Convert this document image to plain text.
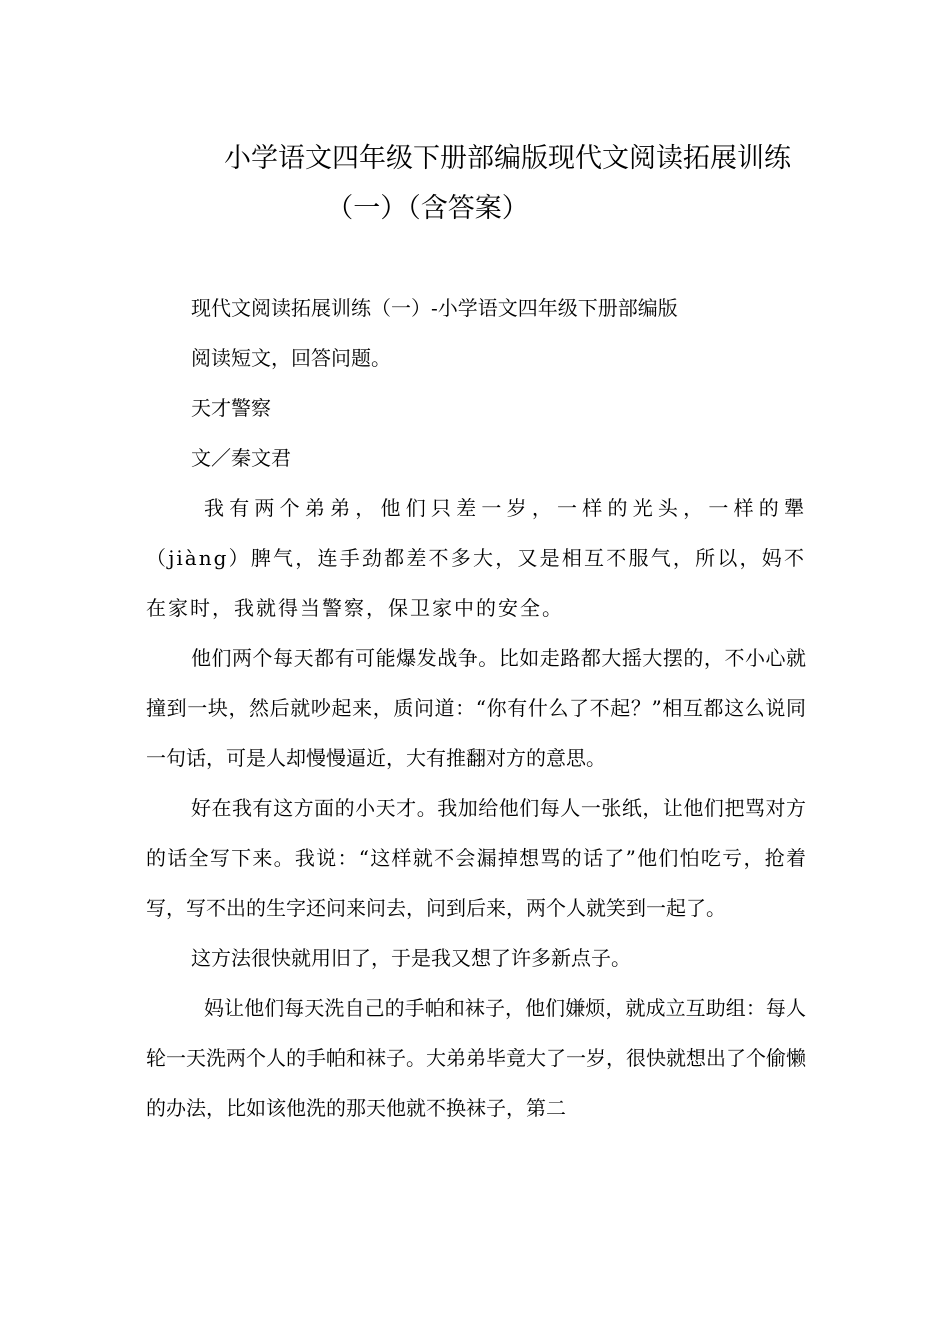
小学语文四年级下册部编版现代文阅读拓展训练
（一）（含答案）

现代文阅读拓展训练（一）-小学语文四年级下册部编版

阅读短文，回答问题。

天才警察

文／秦文君

我有两个弟弟，他们只差一岁，一样的光头，一样的犟（jiàng）脾气，连手劲都差不多大，又是相互不服气，所以，妈不在家时，我就得当警察，保卫家中的安全。

他们两个每天都有可能爆发战争。比如走路都大摇大摆的，不小心就撞到一块，然后就吵起来，质问道：“你有什么了不起？”相互都这么说同一句话，可是人却慢慢逼近，大有推翻对方的意思。

好在我有这方面的小天才。我加给他们每人一张纸，让他们把骂对方的话全写下来。我说：“这样就不会漏掉想骂的话了”他们怕吃亏，抢着写，写不出的生字还问来问去，问到后来，两个人就笑到一起了。

这方法很快就用旧了，于是我又想了许多新点子。

妈让他们每天洗自己的手帕和袜子，他们嫌烦，就成立互助组：每人轮一天洗两个人的手帕和袜子。大弟弟毕竟大了一岁，很快就想出了个偷懒的办法，比如该他洗的那天他就不换袜子，第二
